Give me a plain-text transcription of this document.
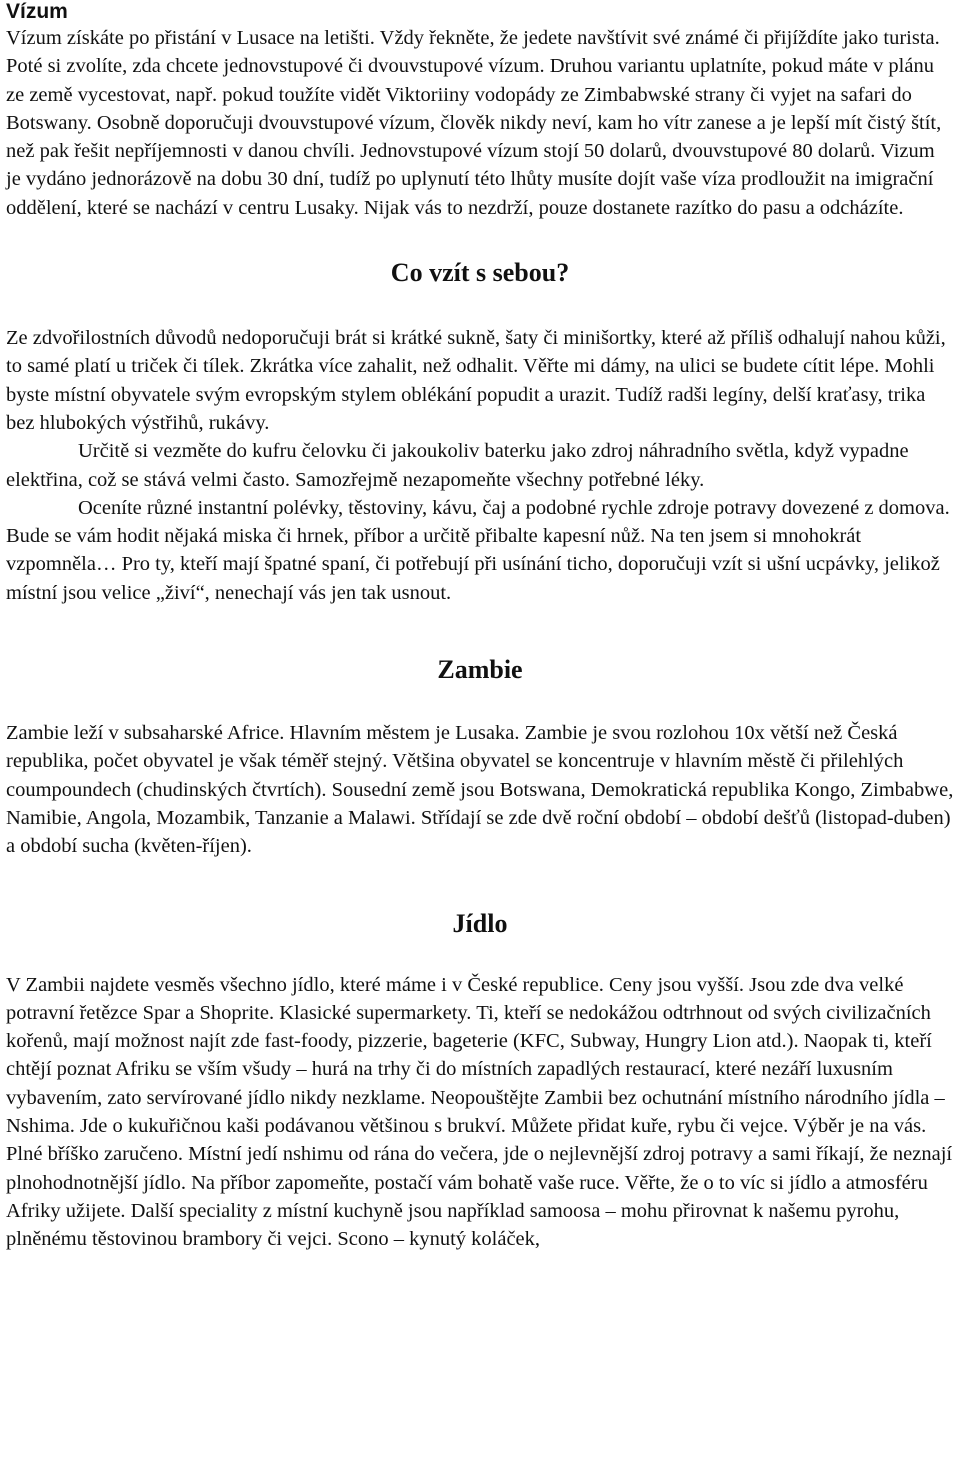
Vízum

Vízum získáte po přistání v Lusace na letišti. Vždy řekněte, že jedete navštívit své známé či přijíždíte jako turista. Poté si zvolíte, zda chcete jednovstupové či dvouvstupové vízum. Druhou variantu uplatníte, pokud máte v plánu ze země vycestovat, např. pokud toužíte vidět Viktoriiny vodopády ze Zimbabwské strany či vyjet na safari do Botswany. Osobně doporučuji dvouvstupové vízum, člověk nikdy neví, kam ho vítr zanese a je lepší mít čistý štít, než pak řešit nepříjemnosti v danou chvíli. Jednovstupové vízum stojí 50 dolarů, dvouvstupové 80 dolarů. Vizum je vydáno jednorázově na dobu 30 dní, tudíž po uplynutí této lhůty musíte dojít vaše víza prodloužit na imigrační oddělení, které se nachází v centru Lusaky. Nijak vás to nezdrží, pouze dostanete razítko do pasu a odcházíte.

Co vzít s sebou?

Ze zdvořilostních důvodů nedoporučuji brát si krátké sukně, šaty či minišortky, které až příliš odhalují nahou kůži, to samé platí u triček či tílek. Zkrátka více zahalit, než odhalit. Věřte mi dámy, na ulici se budete cítit lépe. Mohli byste místní obyvatele svým evropským stylem oblékání popudit a urazit. Tudíž radši legíny, delší kraťasy, trika bez hlubokých výstřihů, rukávy.

Určitě si vezměte do kufru čelovku či jakoukoliv baterku jako zdroj náhradního světla, když vypadne elektřina, což se stává velmi často. Samozřejmě nezapomeňte všechny potřebné léky.

Oceníte různé instantní polévky, těstoviny, kávu, čaj a podobné rychle zdroje potravy dovezené z domova. Bude se vám hodit nějaká miska či hrnek, příbor a určitě přibalte kapesní nůž. Na ten jsem si mnohokrát vzpomněla… Pro ty, kteří mají špatné spaní, či potřebují při usínání ticho, doporučuji vzít si ušní ucpávky, jelikož místní jsou velice „živí“, nenechají vás jen tak usnout.

Zambie

Zambie leží v subsaharské Africe. Hlavním městem je Lusaka. Zambie je svou rozlohou 10x větší než Česká republika, počet obyvatel je však téměř stejný. Většina obyvatel se koncentruje v hlavním městě či přilehlých coumpoundech (chudinských čtvrtích). Sousední země jsou Botswana, Demokratická republika Kongo, Zimbabwe, Namibie, Angola, Mozambik, Tanzanie a Malawi. Střídají se zde dvě roční období – období dešťů (listopad-duben) a období sucha (květen-říjen).

Jídlo

V Zambii najdete vesměs všechno jídlo, které máme i v České republice. Ceny jsou vyšší. Jsou zde dva velké potravní řetězce Spar a Shoprite. Klasické supermarkety. Ti, kteří se nedokážou odtrhnout od svých civilizačních kořenů, mají možnost najít zde fast-foody, pizzerie, bageterie (KFC, Subway, Hungry Lion atd.). Naopak ti, kteří chtějí poznat Afriku se vším všudy – hurá na trhy či do místních zapadlých restaurací, které nezáří luxusním vybavením, zato servírované jídlo nikdy nezklame. Neopouštějte Zambii bez ochutnání místního národního jídla – Nshima. Jde o kukuřičnou kaši podávanou většinou s brukví. Můžete přidat kuře, rybu či vejce. Výběr je na vás. Plné bříško zaručeno. Místní jedí nshimu od rána do večera, jde o nejlevnější zdroj potravy a sami říkají, že neznají plnohodnotnější jídlo. Na příbor zapomeňte, postačí vám bohatě vaše ruce. Věřte, že o to víc si jídlo a atmosféru Afriky užijete. Další speciality z místní kuchyně jsou například samoosa – mohu přirovnat k našemu pyrohu, plněnému těstovinou brambory či vejci. Scono – kynutý koláček,
